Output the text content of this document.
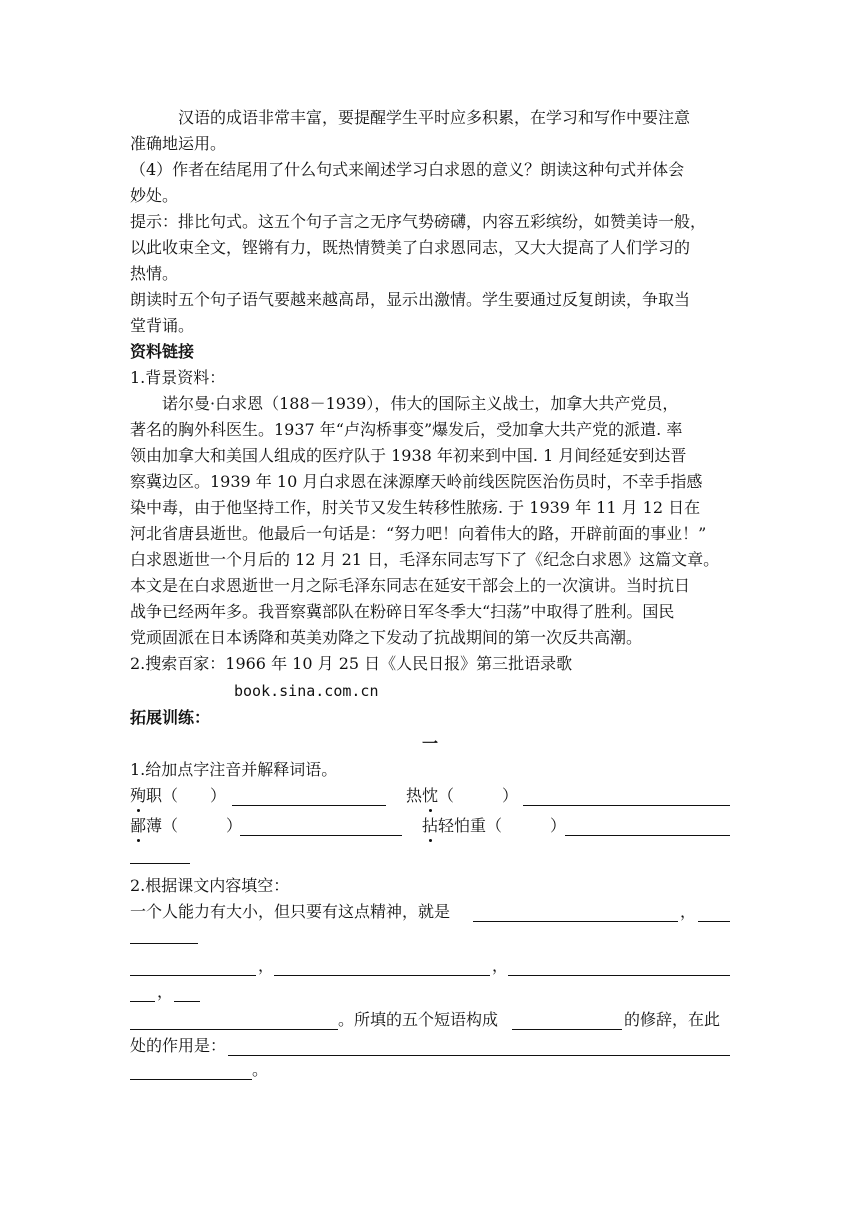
汉语的成语非常丰富，要提醒学生平时应多积累，在学习和写作中要注意
准确地运用。
（4）作者在结尾用了什么句式来阐述学习白求恩的意义？朗读这种句式并体会
妙处。
提示：排比句式。这五个句子言之无序气势磅礴，内容五彩缤纷，如赞美诗一般，
以此收束全文，铿锵有力，既热情赞美了白求恩同志，又大大提高了人们学习的
热情。
朗读时五个句子语气要越来越高昂，显示出激情。学生要通过反复朗读，争取当
堂背诵。
资料链接
1.背景资料：
诺尔曼·白求恩（188－1939），伟大的国际主义战士，加拿大共产党员，
著名的胸外科医生。1937 年“卢沟桥事变”爆发后，受加拿大共产党的派遣. 率
领由加拿大和美国人组成的医疗队于 1938 年初来到中国. 1 月间经延安到达晋
察冀边区。1939 年 10 月白求恩在涞源摩天岭前线医院医治伤员时，不幸手指感
染中毒，由于他坚持工作，肘关节又发生转移性脓疡. 于 1939 年 11 月 12 日在
河北省唐县逝世。他最后一句话是：“努力吧！向着伟大的路，开辟前面的事业！”
白求恩逝世一个月后的 12 月 21 日，毛泽东同志写下了《纪念白求恩》这篇文章。
本文是在白求恩逝世一月之际毛泽东同志在延安干部会上的一次演讲。当时抗日
战争已经两年多。我晋察冀部队在粉碎日军冬季大“扫荡”中取得了胜利。国民
党顽固派在日本诱降和英美劝降之下发动了抗战期间的第一次反共高潮。
2.搜索百家：1966 年 10 月 25 日《人民日报》第三批语录歌
book.sina.com.cn
拓展训练：
一
1.给加点字注音并解释词语。
殉职（　　）	热忱（　　　）
鄙薄（　　　）	拈轻怕重（　　　）
2.根据课文内容填空：
一个人能力有大小，但只要有这点精神，就是	，
，	，
，
。所填的五个短语构成	的修辞，在此
处的作用是：
。
